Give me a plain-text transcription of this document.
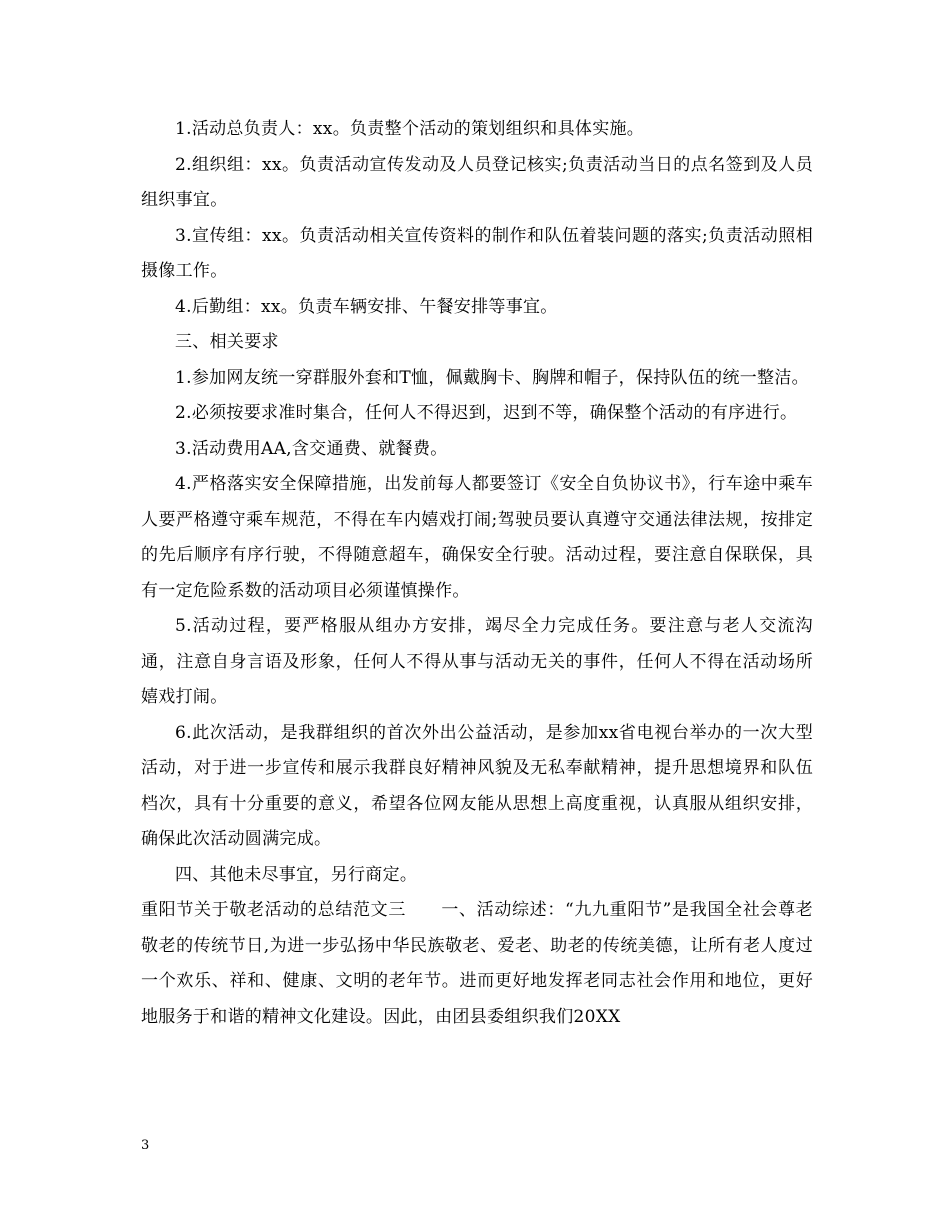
1.活动总负责人：xx。负责整个活动的策划组织和具体实施。

2.组织组：xx。负责活动宣传发动及人员登记核实;负责活动当日的点名签到及人员组织事宜。

3.宣传组：xx。负责活动相关宣传资料的制作和队伍着装问题的落实;负责活动照相摄像工作。

4.后勤组：xx。负责车辆安排、午餐安排等事宜。

三、相关要求

1.参加网友统一穿群服外套和T恤，佩戴胸卡、胸牌和帽子，保持队伍的统一整洁。

2.必须按要求准时集合，任何人不得迟到，迟到不等，确保整个活动的有序进行。

3.活动费用AA,含交通费、就餐费。

4.严格落实安全保障措施，出发前每人都要签订《安全自负协议书》，行车途中乘车人要严格遵守乘车规范，不得在车内嬉戏打闹;驾驶员要认真遵守交通法律法规，按排定的先后顺序有序行驶，不得随意超车，确保安全行驶。活动过程，要注意自保联保，具有一定危险系数的活动项目必须谨慎操作。

5.活动过程，要严格服从组办方安排，竭尽全力完成任务。要注意与老人交流沟通，注意自身言语及形象，任何人不得从事与活动无关的事件，任何人不得在活动场所嬉戏打闹。

6.此次活动，是我群组织的首次外出公益活动，是参加xx省电视台举办的一次大型活动，对于进一步宣传和展示我群良好精神风貌及无私奉献精神，提升思想境界和队伍档次，具有十分重要的意义，希望各位网友能从思想上高度重视，认真服从组织安排，确保此次活动圆满完成。

四、其他未尽事宜，另行商定。

重阳节关于敬老活动的总结范文三　　一、活动综述：“九九重阳节”是我国全社会尊老敬老的传统节日,为进一步弘扬中华民族敬老、爱老、助老的传统美德，让所有老人度过一个欢乐、祥和、健康、文明的老年节。进而更好地发挥老同志社会作用和地位，更好地服务于和谐的精神文化建设。因此，由团县委组织我们20XX

3
